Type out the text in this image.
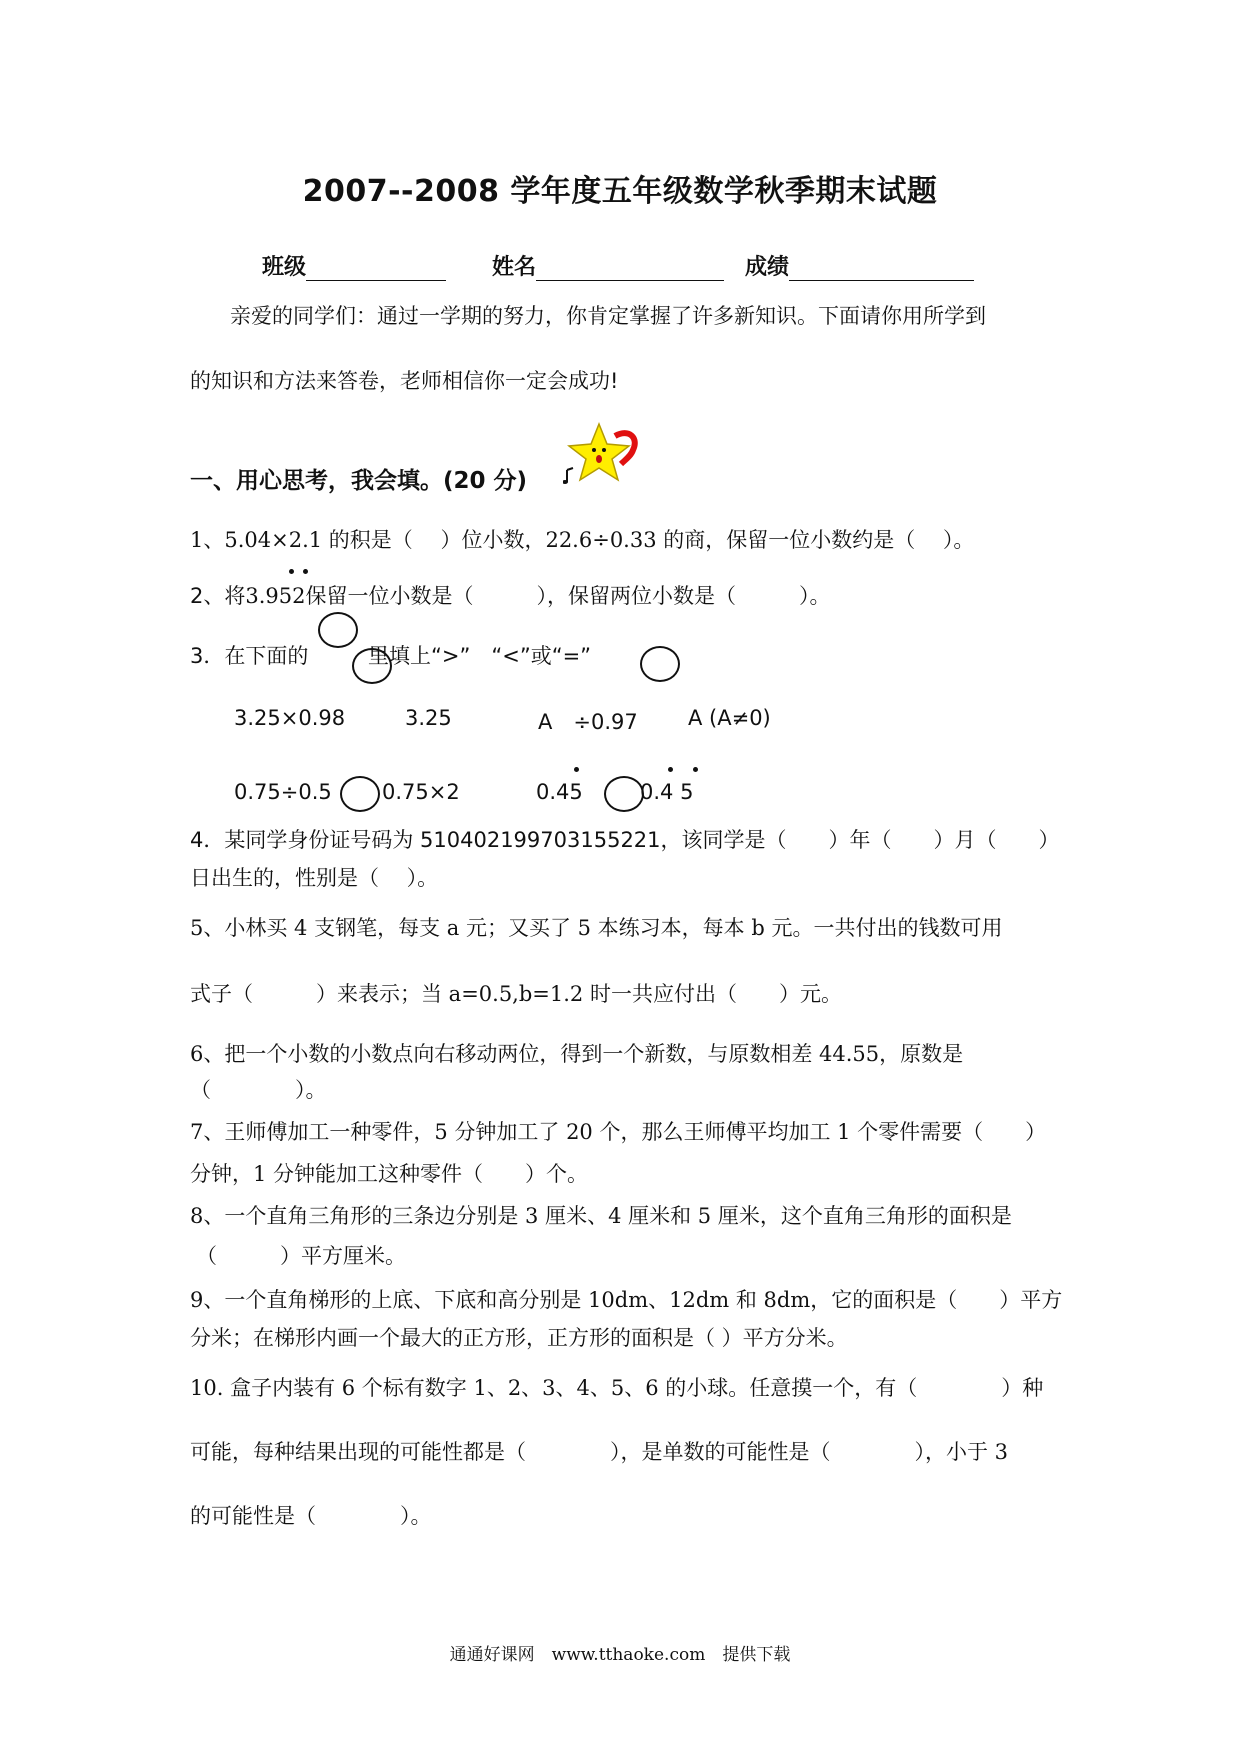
2007--2008 学年度五年级数学秋季期末试题
班级	姓名	成绩
亲爱的同学们：通过一学期的努力，你肯定掌握了许多新知识。下面请你用所学到
的知识和方法来答卷，老师相信你一定会成功!
一、用心思考，我会填。(20 分)
1、5.04×2.1 的积是（　 ）位小数，22.6÷0.33 的商，保留一位小数约是（　 ）。
2、将3.952保留一位小数是（　　　），保留两位小数是（　　　）。
3．在下面的	里填上“>”　“<”或“=”
3.25×0.98	3.25	A　÷0.97 A (A≠0)
0.75÷0.5 0.75×2	0.45	0.4 5
4．某同学身份证号码为 510402199703155221，该同学是（　　）年（　　）月（　　）
日出生的，性别是（　 ）。
5、小林买 4 支钢笔，每支 a 元；又买了 5 本练习本，每本 b 元。一共付出的钱数可用
式子（　　　）来表示；当 a=0.5,b=1.2 时一共应付出（　　）元。
6、把一个小数的小数点向右移动两位，得到一个新数，与原数相差 44.55，原数是
（　　　　）。
7、王师傅加工一种零件，5 分钟加工了 20 个，那么王师傅平均加工 1 个零件需要（　　）
分钟，1 分钟能加工这种零件（　　）个。
8、一个直角三角形的三条边分别是 3 厘米、4 厘米和 5 厘米，这个直角三角形的面积是
（　　　）平方厘米。
9、一个直角梯形的上底、下底和高分别是 10dm、12dm 和 8dm，它的面积是（　　）平方
分米；在梯形内画一个最大的正方形，正方形的面积是（ ）平方分米。
10. 盒子内装有 6 个标有数字 1、2、3、4、5、6 的小球。任意摸一个，有（　　　　）种
可能，每种结果出现的可能性都是（　　　　），是单数的可能性是（　　　　），小于 3
的可能性是（　　　　）。
通通好课网　www.tthaoke.com　提供下载
